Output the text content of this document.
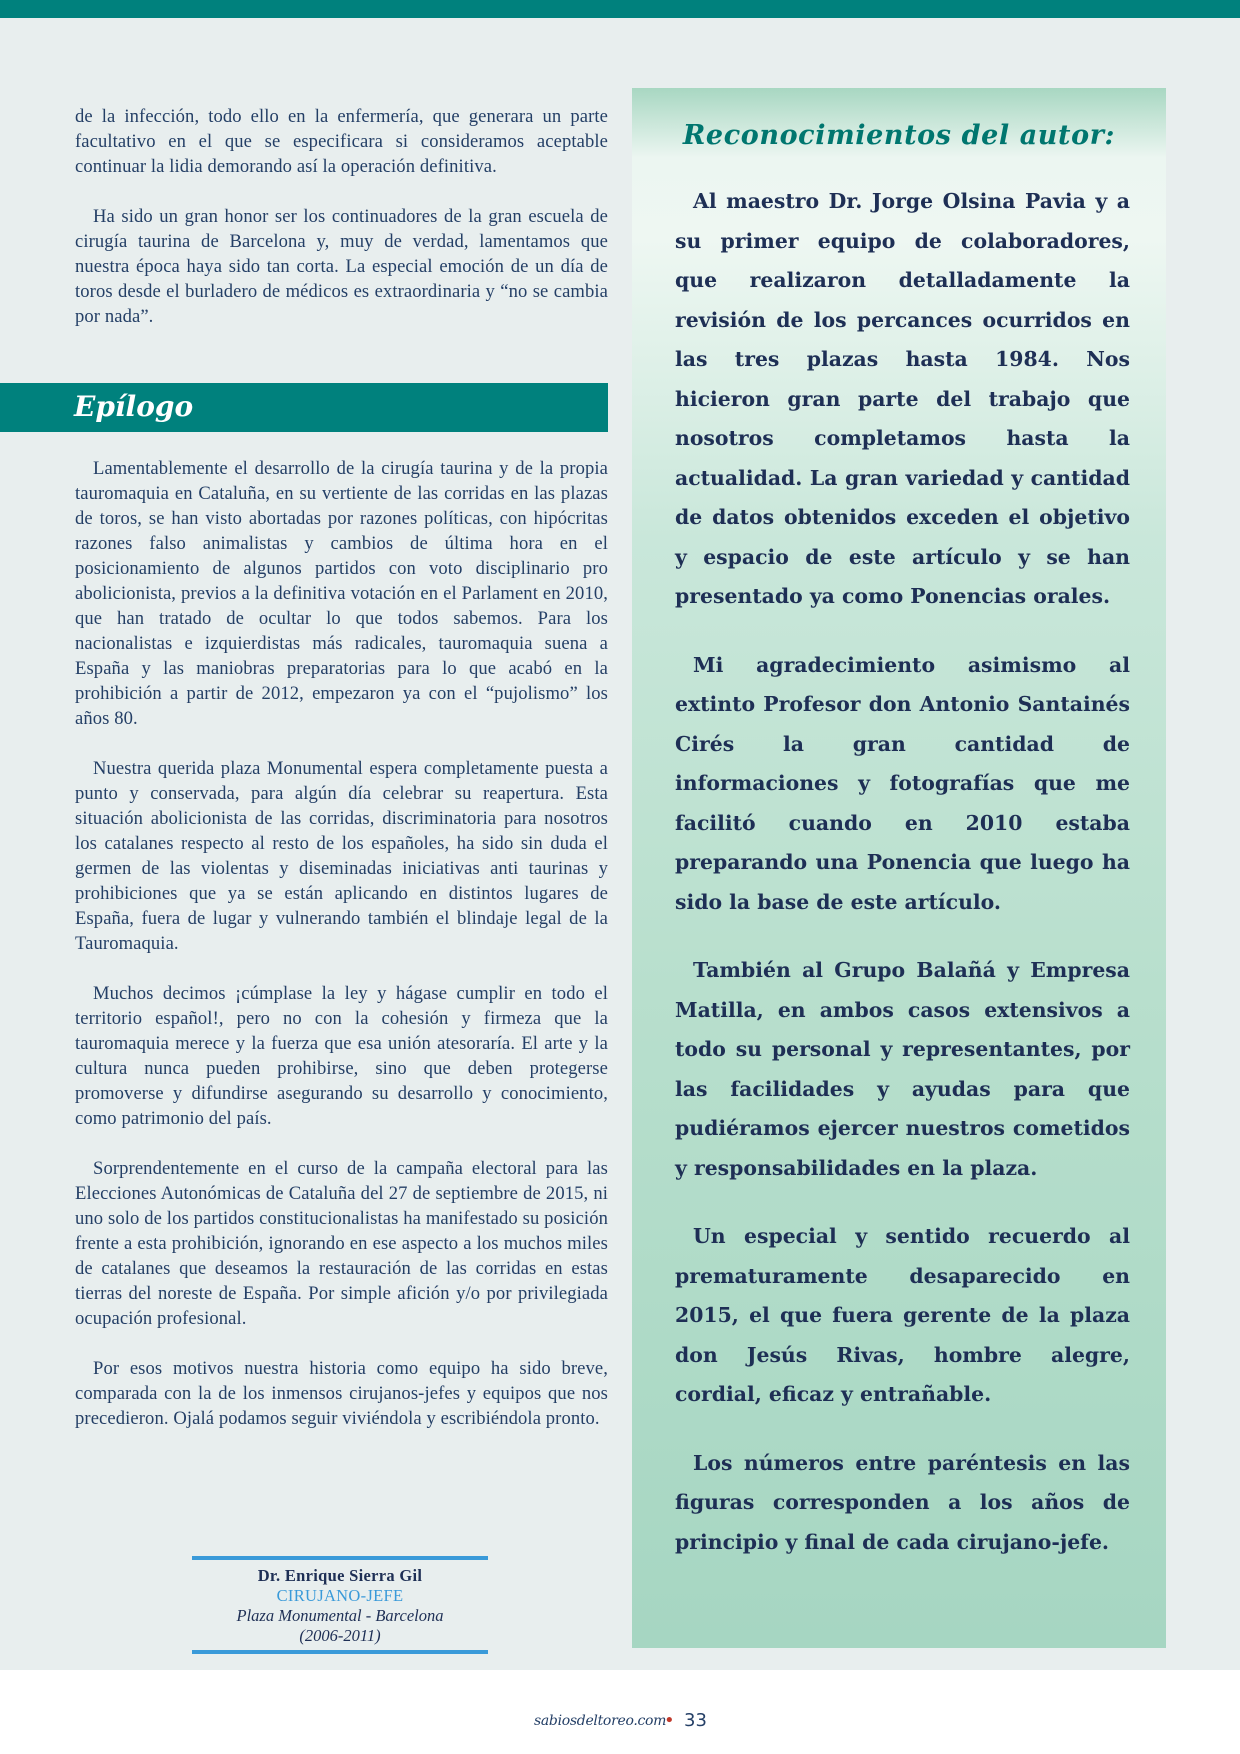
de la infección, todo ello en la enfermería, que generara un parte facultativo en el que se especificara si consideramos aceptable continuar la lidia demorando así la operación definitiva.

Ha sido un gran honor ser los continuadores de la gran escuela de cirugía taurina de Barcelona y, muy de verdad, lamentamos que nuestra época haya sido tan corta. La especial emoción de un día de toros desde el burladero de médicos es extraordinaria y “no se cambia por nada”.

Epílogo

Lamentablemente el desarrollo de la cirugía taurina y de la propia tauromaquia en Cataluña, en su vertiente de las corridas en las plazas de toros, se han visto abortadas por razones políticas, con hipócritas razones falso animalistas y cambios de última hora en el posicionamiento de algunos partidos con voto disciplinario pro abolicionista, previos a la definitiva votación en el Parlament en 2010, que han tratado de ocultar lo que todos sabemos. Para los nacionalistas e izquierdistas más radicales, tauromaquia suena a España y las maniobras preparatorias para lo que acabó en la prohibición a partir de 2012, empezaron ya con el “pujolismo” los años 80.

Nuestra querida plaza Monumental espera completamente puesta a punto y conservada, para algún día celebrar su reapertura. Esta situación abolicionista de las corridas, discriminatoria para nosotros los catalanes respecto al resto de los españoles, ha sido sin duda el germen de las violentas y diseminadas iniciativas anti taurinas y prohibiciones que ya se están aplicando en distintos lugares de España, fuera de lugar y vulnerando también el blindaje legal de la Tauromaquia.

Muchos decimos ¡cúmplase la ley y hágase cumplir en todo el territorio español!, pero no con la cohesión y firmeza que la tauromaquia merece y la fuerza que esa unión atesoraría. El arte y la cultura nunca pueden prohibirse, sino que deben protegerse promoverse y difundirse asegurando su desarrollo y conocimiento, como patrimonio del país.

Sorprendentemente en el curso de la campaña electoral para las Elecciones Autonómicas de Cataluña del 27 de septiembre de 2015, ni uno solo de los partidos constitucionalistas ha manifestado su posición frente a esta prohibición, ignorando en ese aspecto a los muchos miles de catalanes que deseamos la restauración de las corridas en estas tierras del noreste de España. Por simple afición y/o por privilegiada ocupación profesional.

Por esos motivos nuestra historia como equipo ha sido breve, comparada con la de los inmensos cirujanos-jefes y equipos que nos precedieron. Ojalá podamos seguir viviéndola y escribiéndola pronto.

Dr. Enrique Sierra Gil
CIRUJANO-JEFE
Plaza Monumental - Barcelona
(2006-2011)
Reconocimientos del autor:

Al maestro Dr. Jorge Olsina Pavia y a su primer equipo de colaboradores, que realizaron detalladamente la revisión de los percances ocurridos en las tres plazas hasta 1984. Nos hicieron gran parte del trabajo que nosotros completamos hasta la actualidad. La gran variedad y cantidad de datos obtenidos exceden el objetivo y espacio de este artículo y se han presentado ya como Ponencias orales.

Mi agradecimiento asimismo al extinto Profesor don Antonio Santainés Cirés la gran cantidad de informaciones y fotografías que me facilitó cuando en 2010 estaba preparando una Ponencia que luego ha sido la base de este artículo.

También al Grupo Balañá y Empresa Matilla, en ambos casos extensivos a todo su personal y representantes, por las facilidades y ayudas para que pudiéramos ejercer nuestros cometidos y responsabilidades en la plaza.

Un especial y sentido recuerdo al prematuramente desaparecido en 2015, el que fuera gerente de la plaza don Jesús Rivas, hombre alegre, cordial, eficaz y entrañable.

Los números entre paréntesis en las figuras corresponden a los años de principio y final de cada cirujano-jefe.

sabiosdeltoreo.com
• 33
